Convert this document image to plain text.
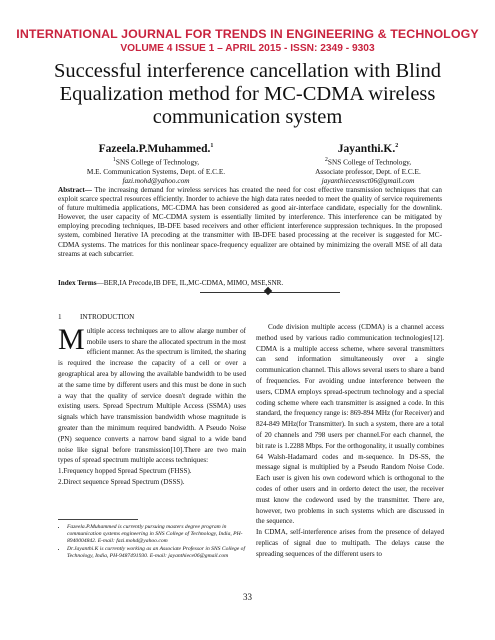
INTERNATIONAL JOURNAL FOR TRENDS IN ENGINEERING & TECHNOLOGY
VOLUME 4 ISSUE 1 – APRIL 2015 - ISSN: 2349 - 9303
Successful interference cancellation with Blind Equalization method for MC-CDMA wireless communication system
Fazeela.P.Muhammed.$^1$
$^1$SNS College of Technology,
M.E. Communication Systems, Dept. of E.C.E.
fazi.mohd@yahoo.com
Jayanthi.K.$^2$
$^2$SNS College of Technology,
Associate professor, Dept. of E.C.E.
jayanthiecesnsct06@gmail.com
Abstract— The increasing demand for wireless services has created the need for cost effective transmission techniques that can exploit scarce spectral resources efficiently. Inorder to achieve the high data rates needed to meet the quality of service requirements of future multimedia applications, MC-CDMA has been considered as good air-interface candidate, especially for the downlink. However, the user capacity of MC-CDMA system is essentially limited by interference. This interference can be mitigated by employing precoding techniques, IB-DFE based receivers and other efficient interference suppression techniques. In the proposed system, combined Iterative IA precoding at the transmitter with IB-DFE based processing at the receiver is suggested for MC-CDMA systems. The matrices for this nonlinear space-frequency equalizer are obtained by minimizing the overall MSE of all data streams at each subcarrier.
Index Terms—BER,IA Precode,IB DFE, IL,MC-CDMA, MIMO, MSE,SNR.
1	INTRODUCTION

Multiple access techniques are to allow alarge number of mobile users to share the allocated spectrum in the most efficient manner. As the spectrum is limited, the sharing is required the increase the capacity of a cell or over a geographical area by allowing the available bandwidth to be used at the same time by different users and this must be done in such a way that the quality of service doesn't degrade within the existing users. Spread Spectrum Multiple Access (SSMA) uses signals which have transmission bandwidth whose magnitude is greater than the minimum required bandwidth. A Pseudo Noise (PN) sequence converts a narrow band signal to a wide band noise like signal before transmission[10].There are two main types of spread spectrum multiple access techniques:

1.Frequency hopped Spread Spectrum (FHSS).

2.Direct sequence Spread Spectrum (DSSS).

Code division multiple access (CDMA) is a channel access method used by various radio communication technologies[12]. CDMA is a multiple access scheme, where several transmitters can send information simultaneously over a single communication channel. This allows several users to share a band of frequencies. For avoiding undue interference between the users, CDMA employs spread-spectrum technology and a special coding scheme where each transmitter is assigned a code. In this standard, the frequency range is: 869-894 MHz (for Receiver) and 824-849 MHz(for Transmitter). In such a system, there are a total of 20 channels and 798 users per channel.For each channel, the bit rate is 1.2288 Mbps. For the orthogonality, it usually combines 64 Walsh-Hadamard codes and m-sequence. In DS-SS, the message signal is multiplied by a Pseudo Random Noise Code. Each user is given his own codeword which is orthogonal to the codes of other users and in orderto detect the user, the receiver must know the codeword used by the transmitter. There are, however, two problems in such systems which are discussed in the sequence.

In CDMA, self-interference arises from the presence of delayed replicas of signal due to multipath. The delays cause the spreading sequences of the different users to

• Fazeela.P.Muhammed is currently pursuing masters degree program in communication systems engineering in SNS College of Technology, India, PH-8940004842. E-mail: fazi.mohd@yahoo.com
• Dr.Jayanthi.K is currently working as an Associate Professor in SNS College of Technology, India, PH-9487491930. E-mail: jayanthiece06@gmail.com
33
